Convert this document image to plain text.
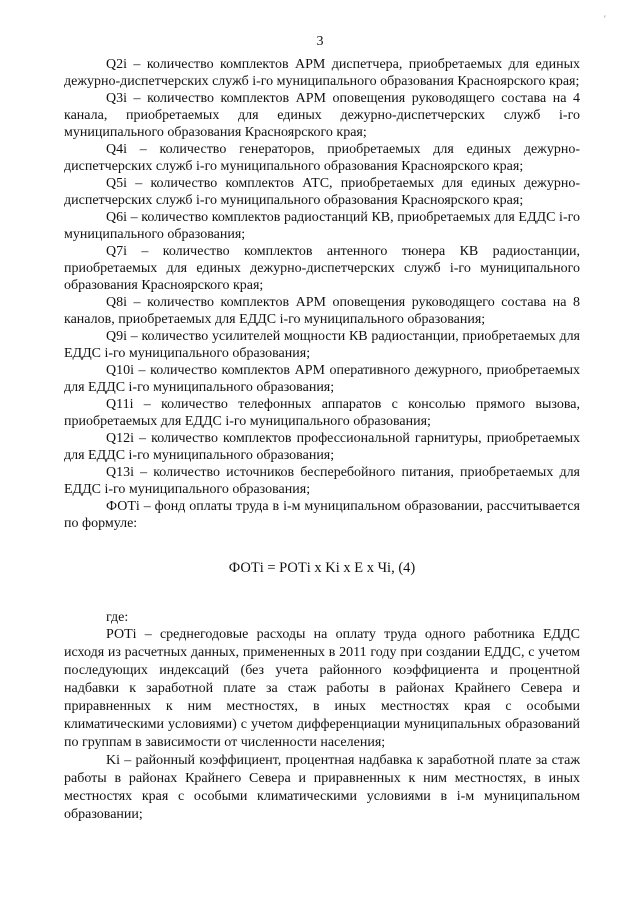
′
3

Q2i – количество комплектов АРМ диспетчера, приобретаемых для единых дежурно-диспетчерских служб i-го муниципального образования Красноярского края;

Q3i – количество комплектов АРМ оповещения руководящего состава на 4 канала, приобретаемых для единых дежурно-диспетчерских служб i-го муниципального образования Красноярского края;

Q4i – количество генераторов, приобретаемых для единых дежурно-диспетчерских служб i-го муниципального образования Красноярского края;

Q5i – количество комплектов АТС, приобретаемых для единых дежурно-диспетчерских служб i-го муниципального образования Красноярского края;

Q6i – количество комплектов радиостанций КВ, приобретаемых для ЕДДС i-го муниципального образования;

Q7i – количество комплектов антенного тюнера КВ радиостанции, приобретаемых для единых дежурно-диспетчерских служб i-го муниципального образования Красноярского края;

Q8i – количество комплектов АРМ оповещения руководящего состава на 8 каналов, приобретаемых для ЕДДС i-го муниципального образования;

Q9i – количество усилителей мощности КВ радиостанции, приобретаемых для ЕДДС i-го муниципального образования;

Q10i – количество комплектов АРМ оперативного дежурного, приобретаемых для ЕДДС i-го муниципального образования;

Q11i – количество телефонных аппаратов с консолью прямого вызова, приобретаемых для ЕДДС i-го муниципального образования;

Q12i – количество комплектов профессиональной гарнитуры, приобретаемых для ЕДДС i-го муниципального образования;

Q13i – количество источников бесперебойного питания, приобретаемых для ЕДДС i-го муниципального образования;

ФОТi – фонд оплаты труда в i-м муниципальном образовании, рассчитывается по формуле:

ФОТi = РОТi х Ki х Е х Чi, (4)

где:

РОТi – среднегодовые расходы на оплату труда одного работника ЕДДС исходя из расчетных данных, примененных в 2011 году при создании ЕДДС, с учетом последующих индексаций (без учета районного коэффициента и процентной надбавки к заработной плате за стаж работы в районах Крайнего Севера и приравненных к ним местностях, в иных местностях края с особыми климатическими условиями) с учетом дифференциации муниципальных образований по группам в зависимости от численности населения;

Ki – районный коэффициент, процентная надбавка к заработной плате за стаж работы в районах Крайнего Севера и приравненных к ним местностях, в иных местностях края с особыми климатическими условиями в i-м муниципальном образовании;
